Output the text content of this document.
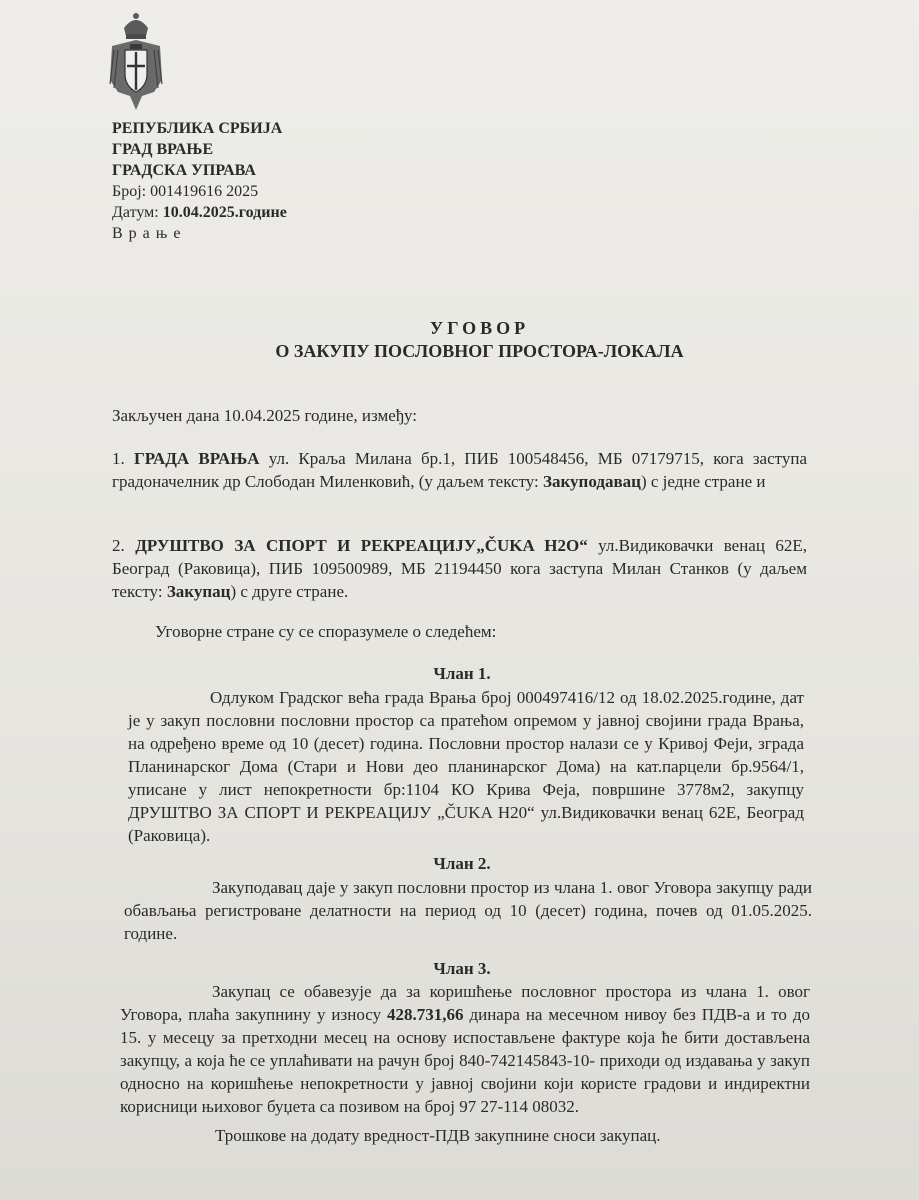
РЕПУБЛИКА СРБИЈА
ГРАД ВРАЊЕ
ГРАДСКА УПРАВА
Број: 001419616 2025
Датум: 10.04.2025.године
В р а њ е
УГОВОР
О ЗАКУПУ ПОСЛОВНОГ ПРОСТОРА-ЛОКАЛА
Закључен дана 10.04.2025 године, између:
1. ГРАДА ВРАЊА ул. Краља Милана бр.1, ПИБ 100548456, МБ 07179715, кога заступа градоначелник др Слободан Миленковић, (у даљем тексту: Закуподавац) с једне стране и
2. ДРУШТВО ЗА СПОРТ И РЕКРЕАЦИЈУ„ČUKA H2O“ ул.Видиковачки венац 62Е, Београд (Раковица), ПИБ 109500989, МБ 21194450 кога заступа Милан Станков (у даљем тексту: Закупац) с друге стране.
Уговорне стране су се споразумеле о следећем:
Члан 1.
Одлуком Градског већа града Врања број 000497416/12 од 18.02.2025.године, дат је у закуп пословни пословни простор са пратећом опремом у јавној својини града Врања, на одређено време од 10 (десет) година. Пословни простор налази се у Кривој Феји, зграда Планинарског Дома (Стари и Нови део планинарског Дома) на кат.парцели бр.9564/1, уписане у лист непокретности бр:1104 КО Крива Феја, површине 3778м2, закупцу ДРУШТВО ЗА СПОРТ И РЕКРЕАЦИЈУ „ČUKA H20“ ул.Видиковачки венац 62Е, Београд (Раковица).
Члан 2.
Закуподавац даје у закуп пословни простор из члана 1. овог Уговора закупцу ради обављања регистроване делатности на период од 10 (десет) година, почев од 01.05.2025. године.
Члан 3.
Закупац се обавезује да за коришћење пословног простора из члана 1. овог Уговора, плаћа закупнину у износу 428.731,66 динара на месечном нивоу без ПДВ-а и то до 15. у месецу за претходни месец на основу испостављене фактуре која ће бити достављена закупцу, а која ће се уплаћивати на рачун број 840-742145843-10- приходи од издавања у закуп односно на коришћење непокретности у јавној својини који користе градови и индиректни корисници њиховог буџета са позивом на број 97 27-114 08032.
Трошкове на додату вредност-ПДВ закупнине сноси закупац.
